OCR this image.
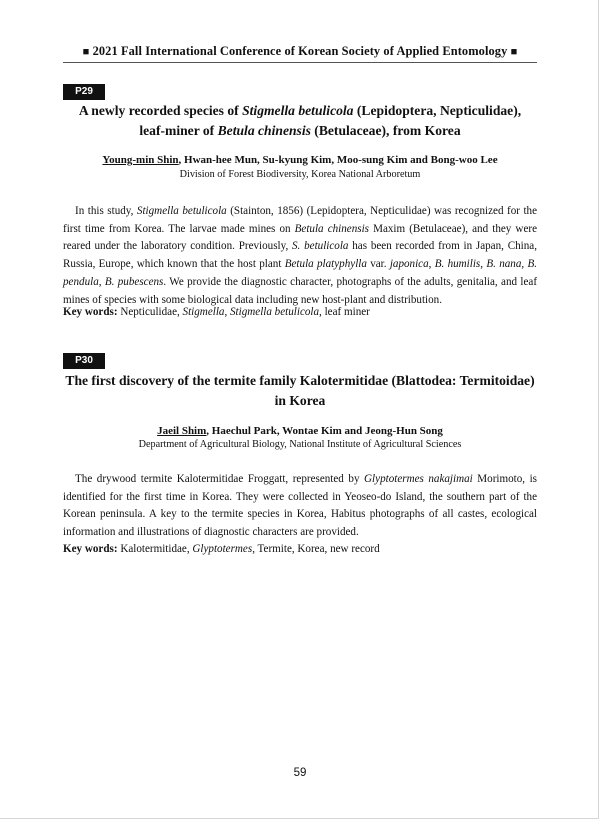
■ 2021 Fall International Conference of Korean Society of Applied Entomology ■
P29
A newly recorded species of Stigmella betulicola (Lepidoptera, Nepticulidae),
leaf-miner of Betula chinensis (Betulaceae), from Korea
Young-min Shin, Hwan-hee Mun, Su-kyung Kim, Moo-sung Kim and Bong-woo Lee
Division of Forest Biodiversity, Korea National Arboretum

In this study, Stigmella betulicola (Stainton, 1856) (Lepidoptera, Nepticulidae) was recognized for the first time from Korea. The larvae made mines on Betula chinensis Maxim (Betulaceae), and they were reared under the laboratory condition. Previously, S. betulicola has been recorded from in Japan, China, Russia, Europe, which known that the host plant Betula platyphylla var. japonica, B. humilis, B. nana, B. pendula, B. pubescens. We provide the diagnostic character, photographs of the adults, genitalia, and leaf mines of species with some biological data including new host-plant and distribution.

Key words: Nepticulidae, Stigmella, Stigmella betulicola, leaf miner
P30
The first discovery of the termite family Kalotermitidae (Blattodea: Termitoidae)
in Korea
Jaeil Shim, Haechul Park, Wontae Kim and Jeong-Hun Song
Department of Agricultural Biology, National Institute of Agricultural Sciences

The drywood termite Kalotermitidae Froggatt, represented by Glyptotermes nakajimai Morimoto, is identified for the first time in Korea. They were collected in Yeoseo-do Island, the southern part of the Korean peninsula. A key to the termite species in Korea, Habitus photographs of all castes, ecological information and illustrations of diagnostic characters are provided.

Key words: Kalotermitidae, Glyptotermes, Termite, Korea, new record
59
